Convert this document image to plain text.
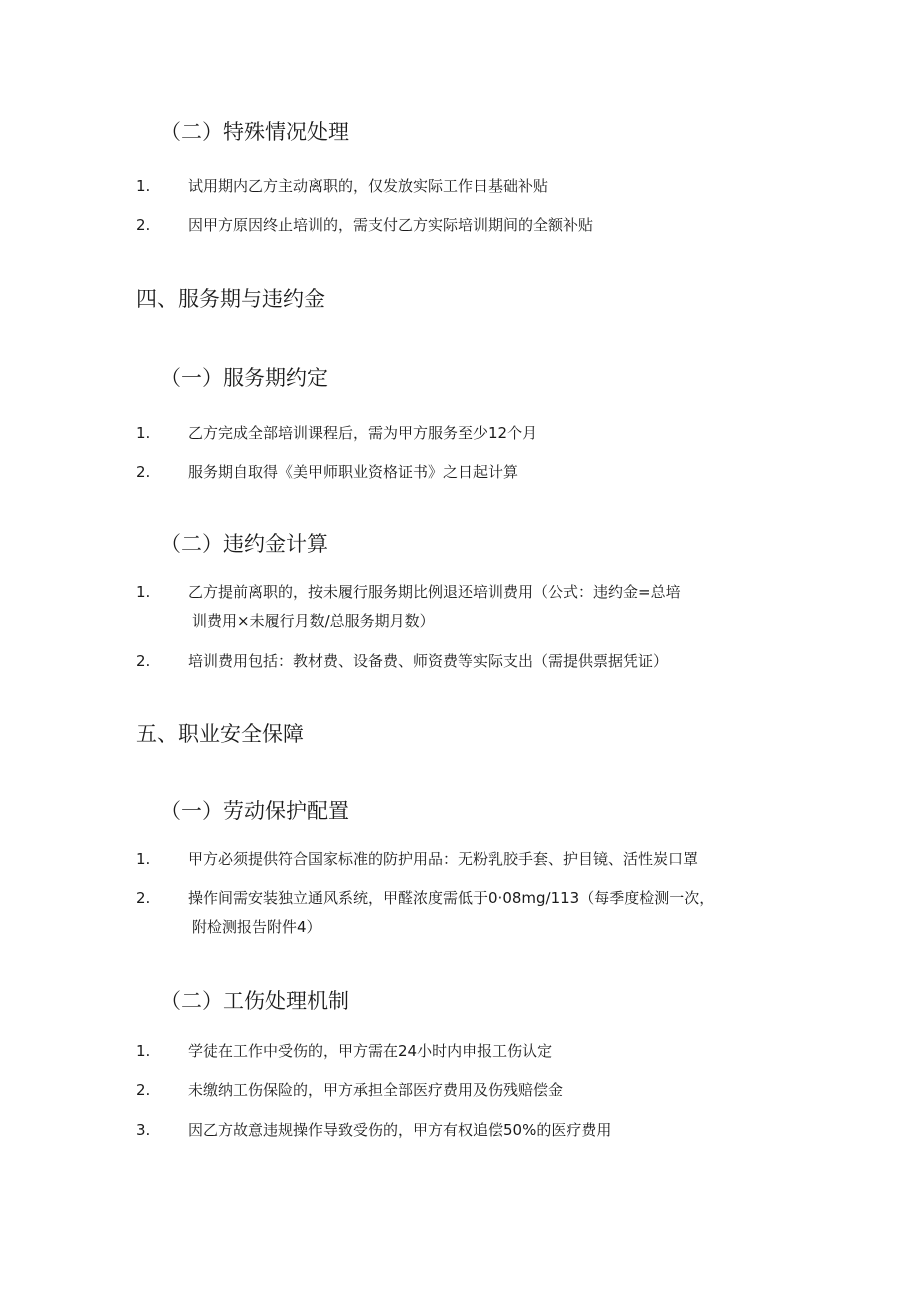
（二）特殊情况处理
1.	试用期内乙方主动离职的，仅发放实际工作日基础补贴
2.	因甲方原因终止培训的，需支付乙方实际培训期间的全额补贴
四、服务期与违约金
（一）服务期约定
1.	乙方完成全部培训课程后，需为甲方服务至少12个月
2.	服务期自取得《美甲师职业资格证书》之日起计算
（二）违约金计算
1.	乙方提前离职的，按未履行服务期比例退还培训费用（公式：违约金=总培
训费用×未履行月数/总服务期月数）
2.	培训费用包括：教材费、设备费、师资费等实际支出（需提供票据凭证）
五、职业安全保障
（一）劳动保护配置
1.	甲方必须提供符合国家标准的防护用品：无粉乳胶手套、护目镜、活性炭口罩
2.	操作间需安装独立通风系统，甲醛浓度需低于0·08mg∕113（每季度检测一次，
附检测报告附件4）
（二）工伤处理机制
1.	学徒在工作中受伤的，甲方需在24小时内申报工伤认定
2.	未缴纳工伤保险的，甲方承担全部医疗费用及伤残赔偿金
3.	因乙方故意违规操作导致受伤的，甲方有权追偿50%的医疗费用
